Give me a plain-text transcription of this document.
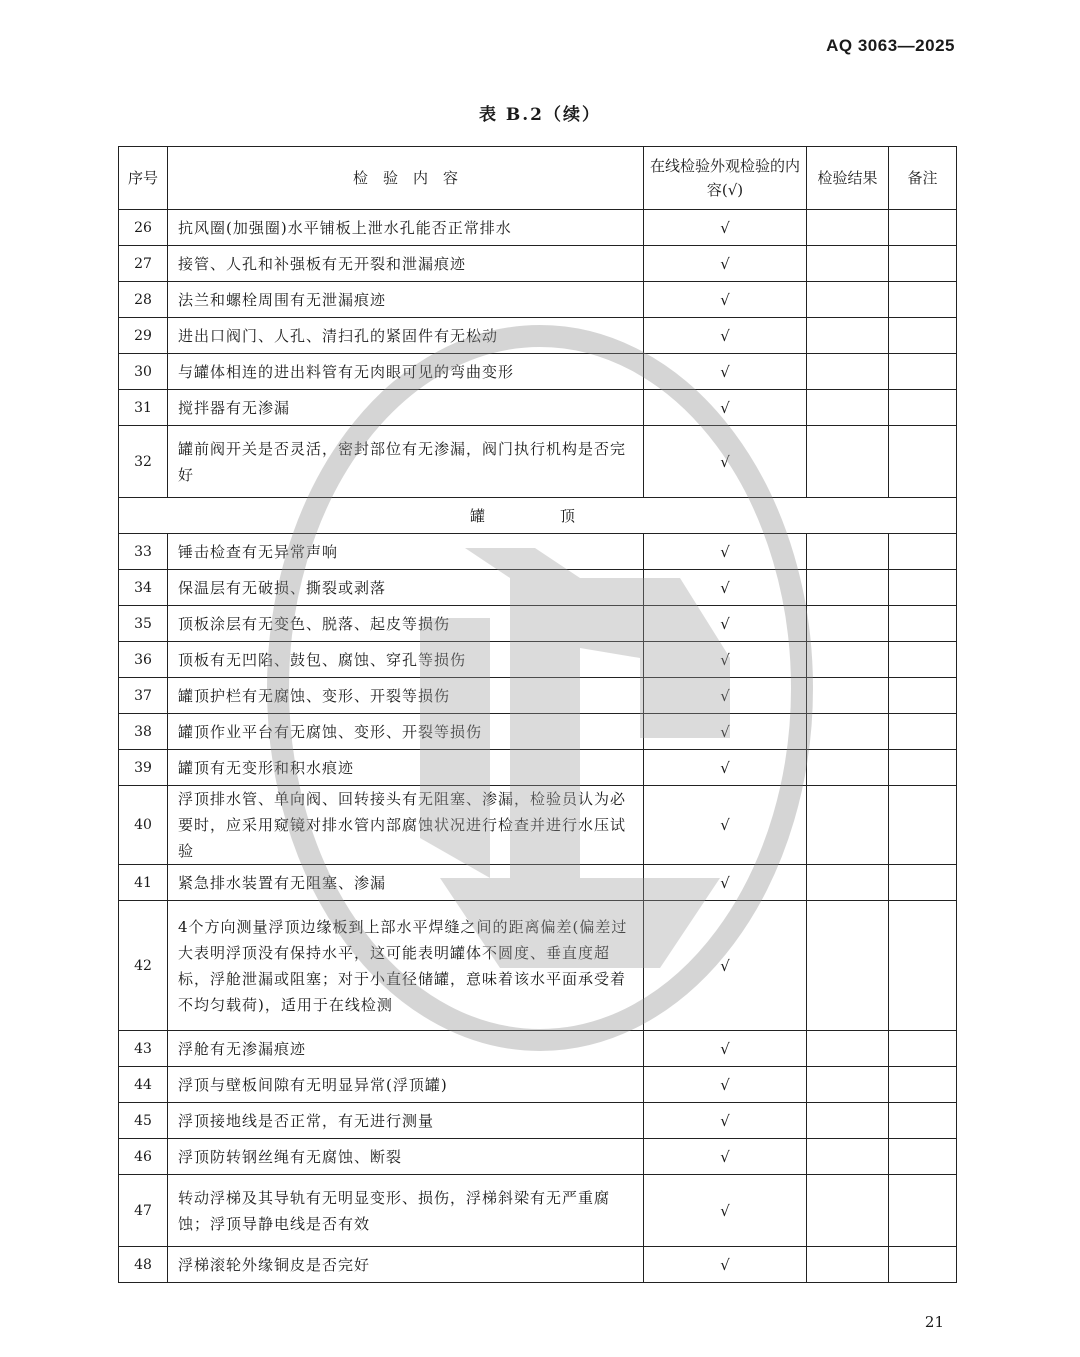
AQ 3063—2025
表 B.2（续）
序号	检　验　内　容	在线检验外观检验的内容(√)	检验结果	备注
26	抗风圈(加强圈)水平铺板上泄水孔能否正常排水	√		
27	接管、人孔和补强板有无开裂和泄漏痕迹	√		
28	法兰和螺栓周围有无泄漏痕迹	√		
29	进出口阀门、人孔、清扫孔的紧固件有无松动	√		
30	与罐体相连的进出料管有无肉眼可见的弯曲变形	√		
31	搅拌器有无渗漏	√		
32	罐前阀开关是否灵活，密封部位有无渗漏，阀门执行机构是否完好	√		
罐　顶				
33	锤击检查有无异常声响	√		
34	保温层有无破损、撕裂或剥落	√		
35	顶板涂层有无变色、脱落、起皮等损伤	√		
36	顶板有无凹陷、鼓包、腐蚀、穿孔等损伤	√		
37	罐顶护栏有无腐蚀、变形、开裂等损伤	√		
38	罐顶作业平台有无腐蚀、变形、开裂等损伤	√		
39	罐顶有无变形和积水痕迹	√		
40	浮顶排水管、单向阀、回转接头有无阻塞、渗漏，检验员认为必要时，应采用窥镜对排水管内部腐蚀状况进行检查并进行水压试验	√		
41	紧急排水装置有无阻塞、渗漏	√		
42	4个方向测量浮顶边缘板到上部水平焊缝之间的距离偏差(偏差过大表明浮顶没有保持水平，这可能表明罐体不圆度、垂直度超标，浮舱泄漏或阻塞；对于小直径储罐，意味着该水平面承受着不均匀载荷)，适用于在线检测	√		
43	浮舱有无渗漏痕迹	√		
44	浮顶与壁板间隙有无明显异常(浮顶罐)	√		
45	浮顶接地线是否正常，有无进行测量	√		
46	浮顶防转钢丝绳有无腐蚀、断裂	√		
47	转动浮梯及其导轨有无明显变形、损伤，浮梯斜梁有无严重腐蚀；浮顶导静电线是否有效	√		
48	浮梯滚轮外缘铜皮是否完好	√		
21
